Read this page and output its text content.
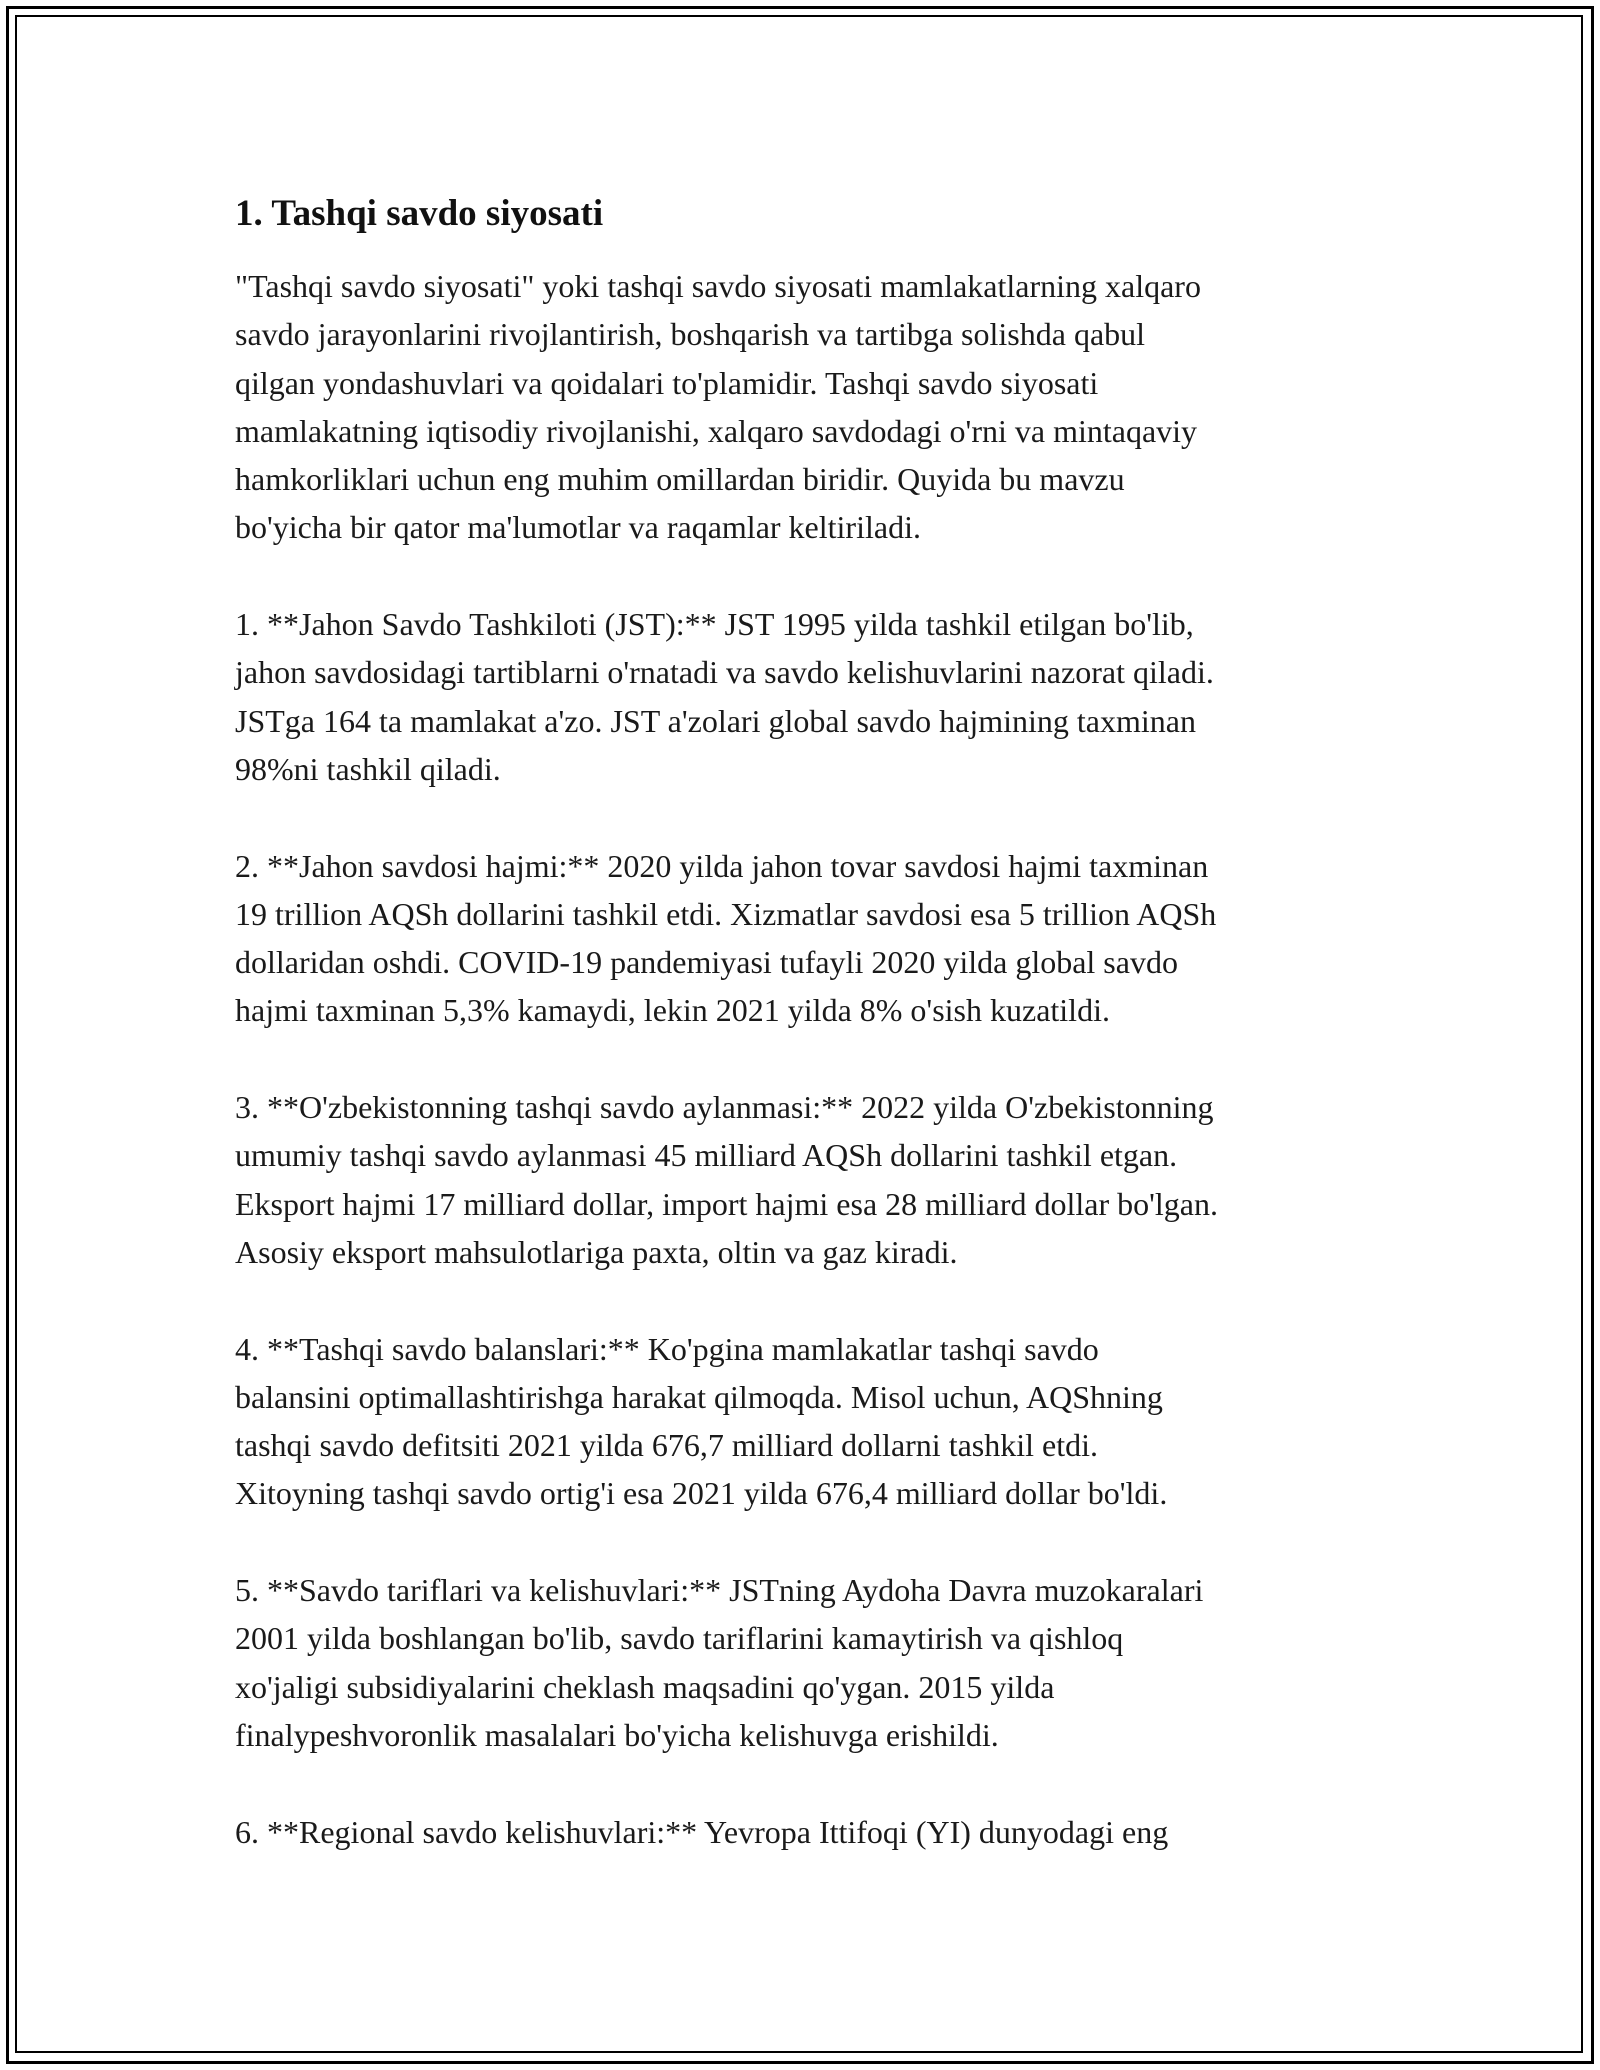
1. Tashqi savdo siyosati

"Tashqi savdo siyosati" yoki tashqi savdo siyosati mamlakatlarning xalqaro
savdo jarayonlarini rivojlantirish, boshqarish va tartibga solishda qabul
qilgan yondashuvlari va qoidalari to'plamidir. Tashqi savdo siyosati
mamlakatning iqtisodiy rivojlanishi, xalqaro savdodagi o'rni va mintaqaviy
hamkorliklari uchun eng muhim omillardan biridir. Quyida bu mavzu
bo'yicha bir qator ma'lumotlar va raqamlar keltiriladi.

1. **Jahon Savdo Tashkiloti (JST):** JST 1995 yilda tashkil etilgan bo'lib,
jahon savdosidagi tartiblarni o'rnatadi va savdo kelishuvlarini nazorat qiladi.
JSTga 164 ta mamlakat a'zo. JST a'zolari global savdo hajmining taxminan
98%ni tashkil qiladi.

2. **Jahon savdosi hajmi:** 2020 yilda jahon tovar savdosi hajmi taxminan
19 trillion AQSh dollarini tashkil etdi. Xizmatlar savdosi esa 5 trillion AQSh
dollaridan oshdi. COVID-19 pandemiyasi tufayli 2020 yilda global savdo
hajmi taxminan 5,3% kamaydi, lekin 2021 yilda 8% o'sish kuzatildi.

3. **O'zbekistonning tashqi savdo aylanmasi:** 2022 yilda O'zbekistonning
umumiy tashqi savdo aylanmasi 45 milliard AQSh dollarini tashkil etgan.
Eksport hajmi 17 milliard dollar, import hajmi esa 28 milliard dollar bo'lgan.
Asosiy eksport mahsulotlariga paxta, oltin va gaz kiradi.

4. **Tashqi savdo balanslari:** Ko'pgina mamlakatlar tashqi savdo
balansini optimallashtirishga harakat qilmoqda. Misol uchun, AQShning
tashqi savdo defitsiti 2021 yilda 676,7 milliard dollarni tashkil etdi.
Xitoyning tashqi savdo ortig'i esa 2021 yilda 676,4 milliard dollar bo'ldi.

5. **Savdo tariflari va kelishuvlari:** JSTning Aydoha Davra muzokaralari
2001 yilda boshlangan bo'lib, savdo tariflarini kamaytirish va qishloq
xo'jaligi subsidiyalarini cheklash maqsadini qo'ygan. 2015 yilda
finalypeshvoronlik masalalari bo'yicha kelishuvga erishildi.

6. **Regional savdo kelishuvlari:** Yevropa Ittifoqi (YI) dunyodagi eng
